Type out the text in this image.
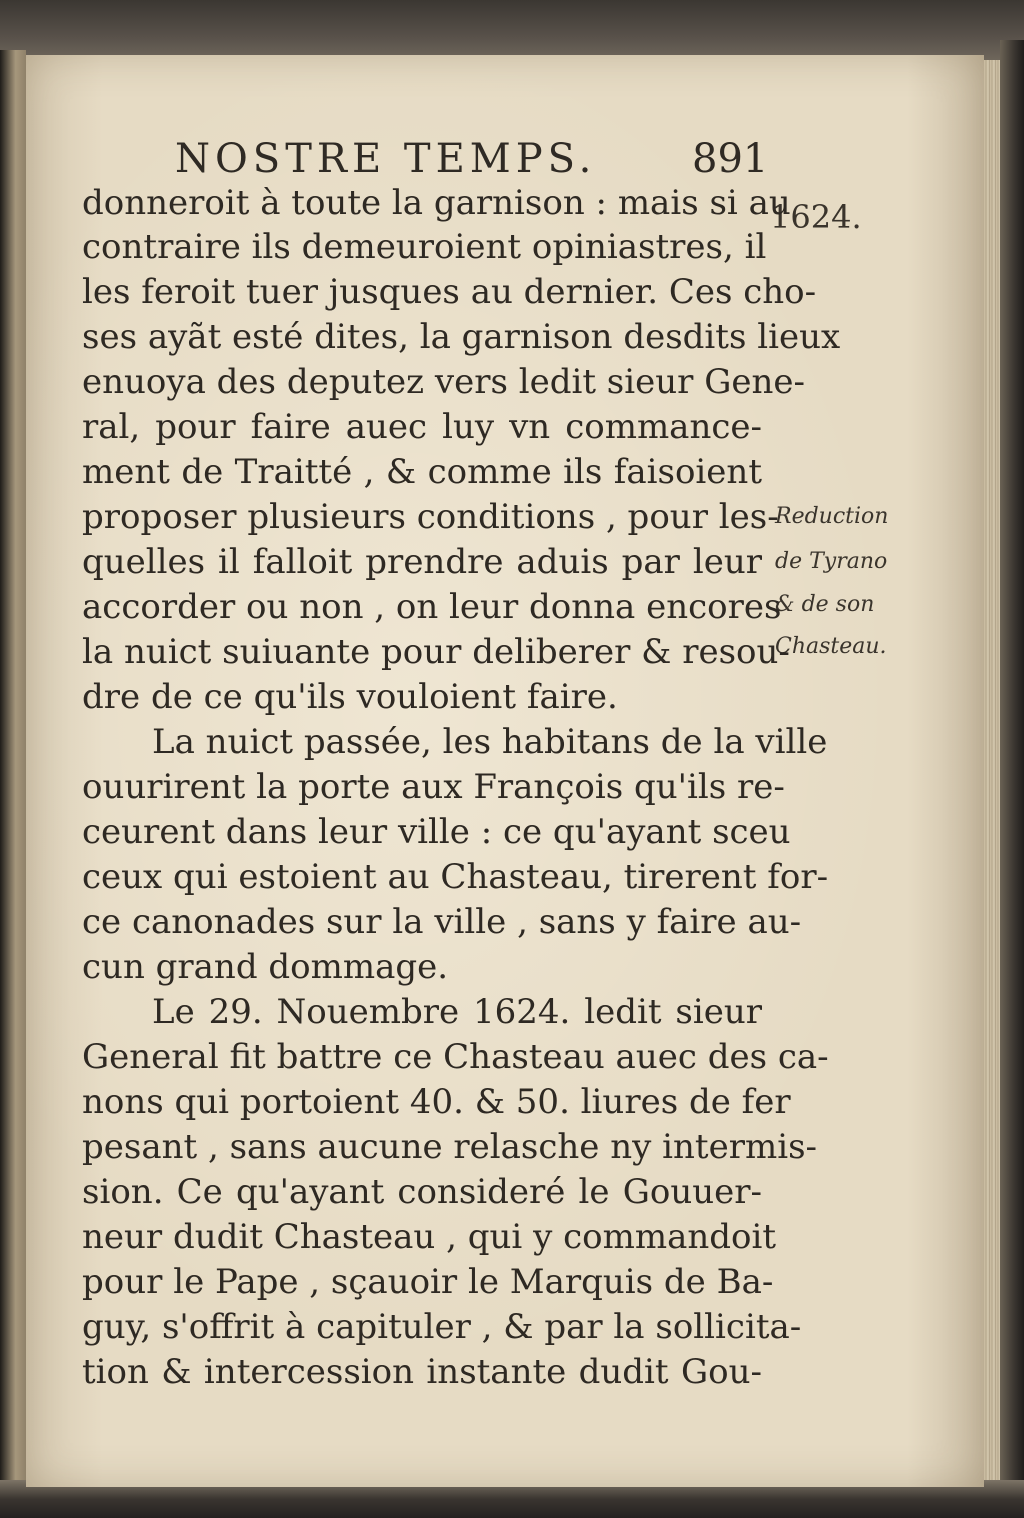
NOSTRE TEMPS.	891
1624.
Reduction
de Tyrano
& de son
Chasteau.
donneroit à toute la garnison : mais si au
contraire ils demeuroient opiniastres, il
les feroit tuer jusques au dernier. Ces cho-
ses ayãt esté dites, la garnison desdits lieux
enuoya des deputez vers ledit sieur Gene-
ral, pour faire auec luy vn commance-
ment de Traitté , & comme ils faisoient
proposer plusieurs conditions , pour les-
quelles il falloit prendre aduis par leur
accorder ou non , on leur donna encores
la nuict suiuante pour deliberer & resou-
dre de ce qu'ils vouloient faire.
La nuict passée, les habitans de la ville
ouurirent la porte aux François qu'ils re-
ceurent dans leur ville : ce qu'ayant sceu
ceux qui estoient au Chasteau, tirerent for-
ce canonades sur la ville , sans y faire au-
cun grand dommage.
Le 29. Nouembre 1624. ledit sieur
General fit battre ce Chasteau auec des ca-
nons qui portoient 40. & 50. liures de fer
pesant , sans aucune relasche ny intermis-
sion. Ce qu'ayant consideré le Gouuer-
neur dudit Chasteau , qui y commandoit
pour le Pape , sçauoir le Marquis de Ba-
guy, s'offrit à capituler , & par la sollicita-
tion & intercession instante dudit Gou-
